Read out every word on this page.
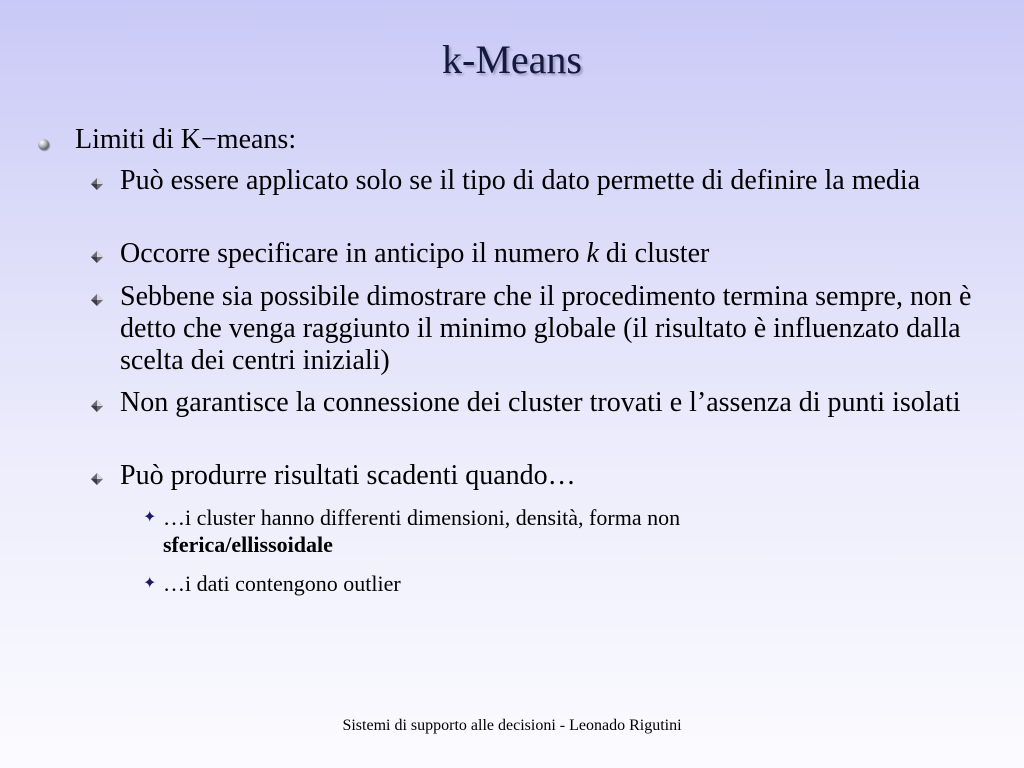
k-Means
Limiti di K−means:
Può essere applicato solo se il tipo di dato permette di definire la media
Occorre specificare in anticipo il numero k di cluster
Sebbene sia possibile dimostrare che il procedimento termina sempre, non è detto che venga raggiunto il minimo globale (il risultato è influenzato dalla scelta dei centri iniziali)
Non garantisce la connessione dei cluster trovati e l’assenza di punti isolati
Può produrre risultati scadenti quando…
✦ …i cluster hanno differenti dimensioni, densità, forma non sferica/ellissoidale
✦ …i dati contengono outlier
Sistemi di supporto alle decisioni - Leonado Rigutini
